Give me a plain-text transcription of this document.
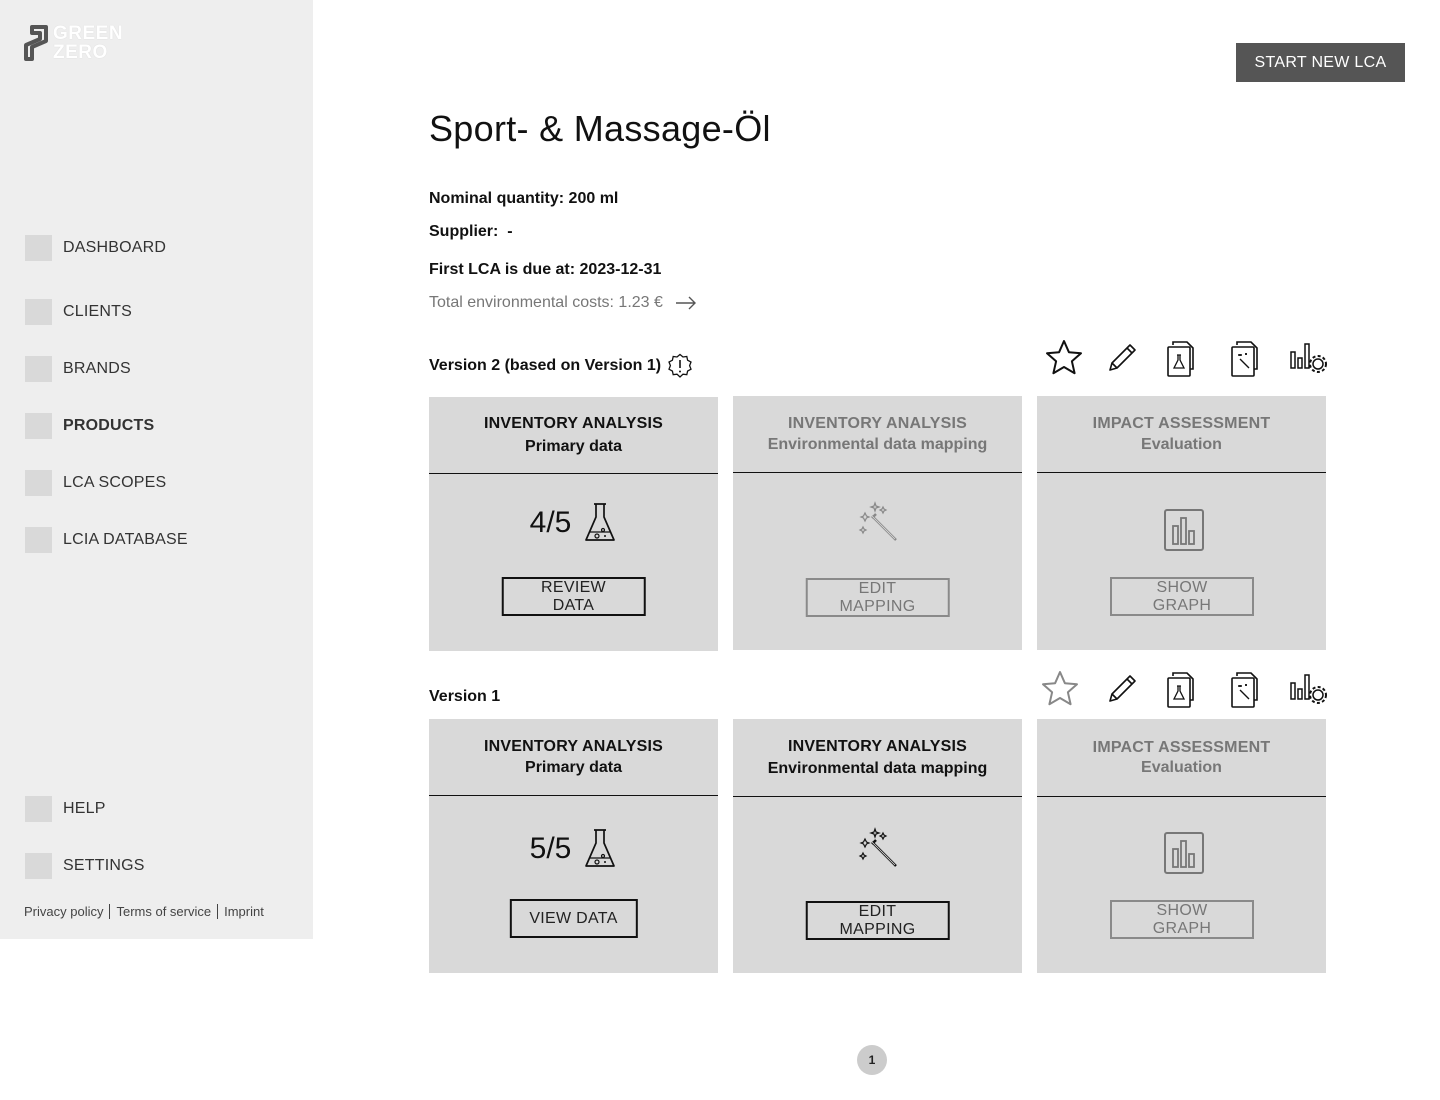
GREEN
ZERO
DASHBOARD
CLIENTS
BRANDS
PRODUCTS
LCA SCOPES
LCIA DATABASE
HELP
SETTINGS
Privacy policy Terms of service Imprint
START NEW LCA
Sport- & Massage-Öl
Nominal quantity: 200 ml
Supplier:  -
First LCA is due at: 2023-12-31
Total environmental costs: 1.23 €
Version 2 (based on Version 1)
INVENTORY ANALYSIS
Primary data
4/5
REVIEW DATA
INVENTORY ANALYSIS
Environmental data mapping
EDIT MAPPING
IMPACT ASSESSMENT
Evaluation
SHOW GRAPH
Version 1
INVENTORY ANALYSIS
Primary data
5/5
VIEW DATA
INVENTORY ANALYSIS
Environmental data mapping
EDIT MAPPING
IMPACT ASSESSMENT
Evaluation
SHOW GRAPH
1
